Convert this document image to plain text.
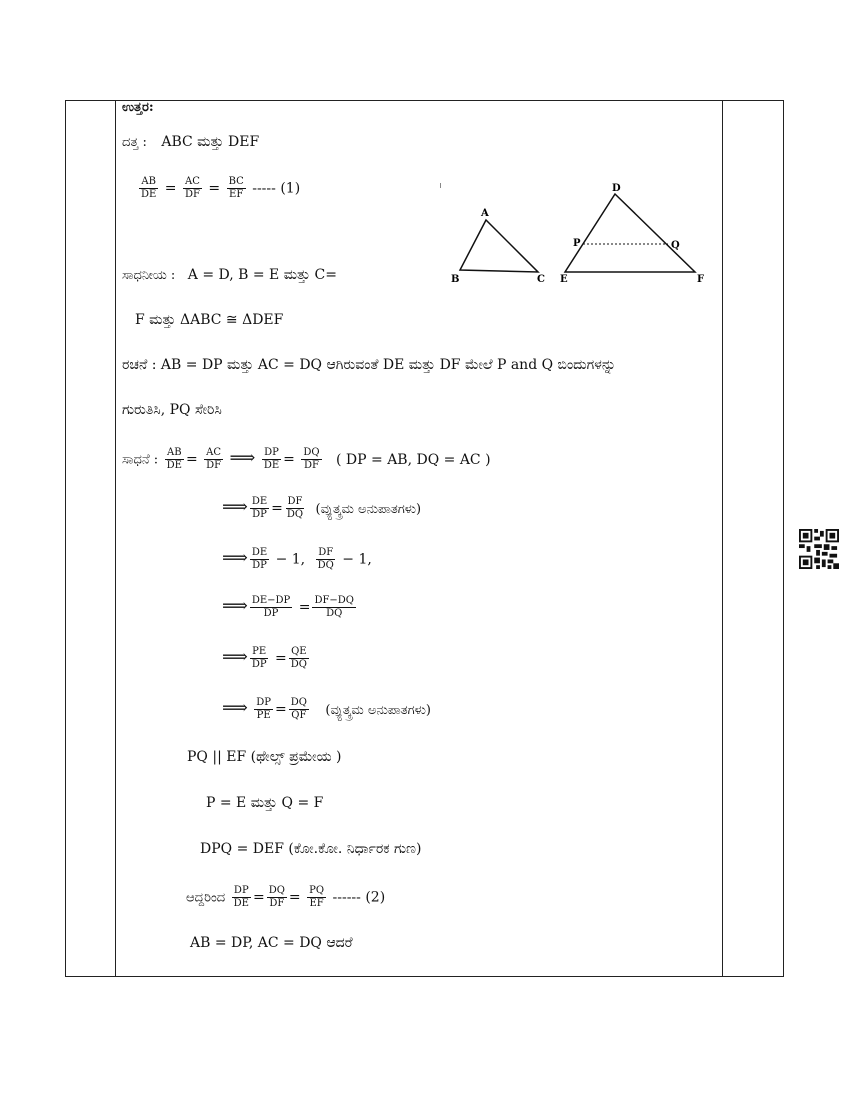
ಉತ್ತರ:
ದತ್ತ : ABC ಮತ್ತು DEF
$\frac{AB}{DE} = \frac{AC}{DF} = \frac{BC}{EF}$ ----- (1)
A
B	C
D
E	F
P	Q
ಸಾಧನೀಯ : A = D, B = E ಮತ್ತು C=
F ಮತ್ತು ΔABC ≅ ΔDEF
ರಚನೆ : AB = DP ಮತ್ತು AC = DQ ಆಗಿರುವಂತೆ DE ಮತ್ತು DF ಮೇಲೆ P and Q ಬಿಂದುಗಳನ್ನು
ಗುರುತಿಸಿ, PQ ಸೇರಿಸಿ
ಸಾಧನೆ : $\frac{AB}{DE} = \frac{AC}{DF}$ ⟹ $\frac{DP}{DE} = \frac{DQ}{DF}$ ( DP = AB, DQ = AC )
⟹ $\frac{DE}{DP} = \frac{DF}{DQ}$ (ವ್ಯುತ್ಕ್ರಮ ಅನುಪಾತಗಳು)
⟹ $\frac{DE}{DP} - 1$, $\frac{DF}{DQ} - 1$,
⟹ $\frac{DE-DP}{DP} = \frac{DF-DQ}{DQ}$
⟹ $\frac{PE}{DP} = \frac{QE}{DQ}$
⟹ $\frac{DP}{PE} = \frac{DQ}{QF}$ (ವ್ಯುತ್ಕ್ರಮ ಅನುಪಾತಗಳು)
PQ || EF (ಥೇಲ್ಸ್ ಪ್ರಮೇಯ )
P = E ಮತ್ತು Q = F
DPQ = DEF (ಕೋ.ಕೋ. ನಿರ್ಧಾರಕ ಗುಣ)
ಆದ್ದರಿಂದ $\frac{DP}{DE} = \frac{DQ}{DF} = \frac{PQ}{EF}$ ------ (2)
AB = DP, AC = DQ ಆದರೆ
